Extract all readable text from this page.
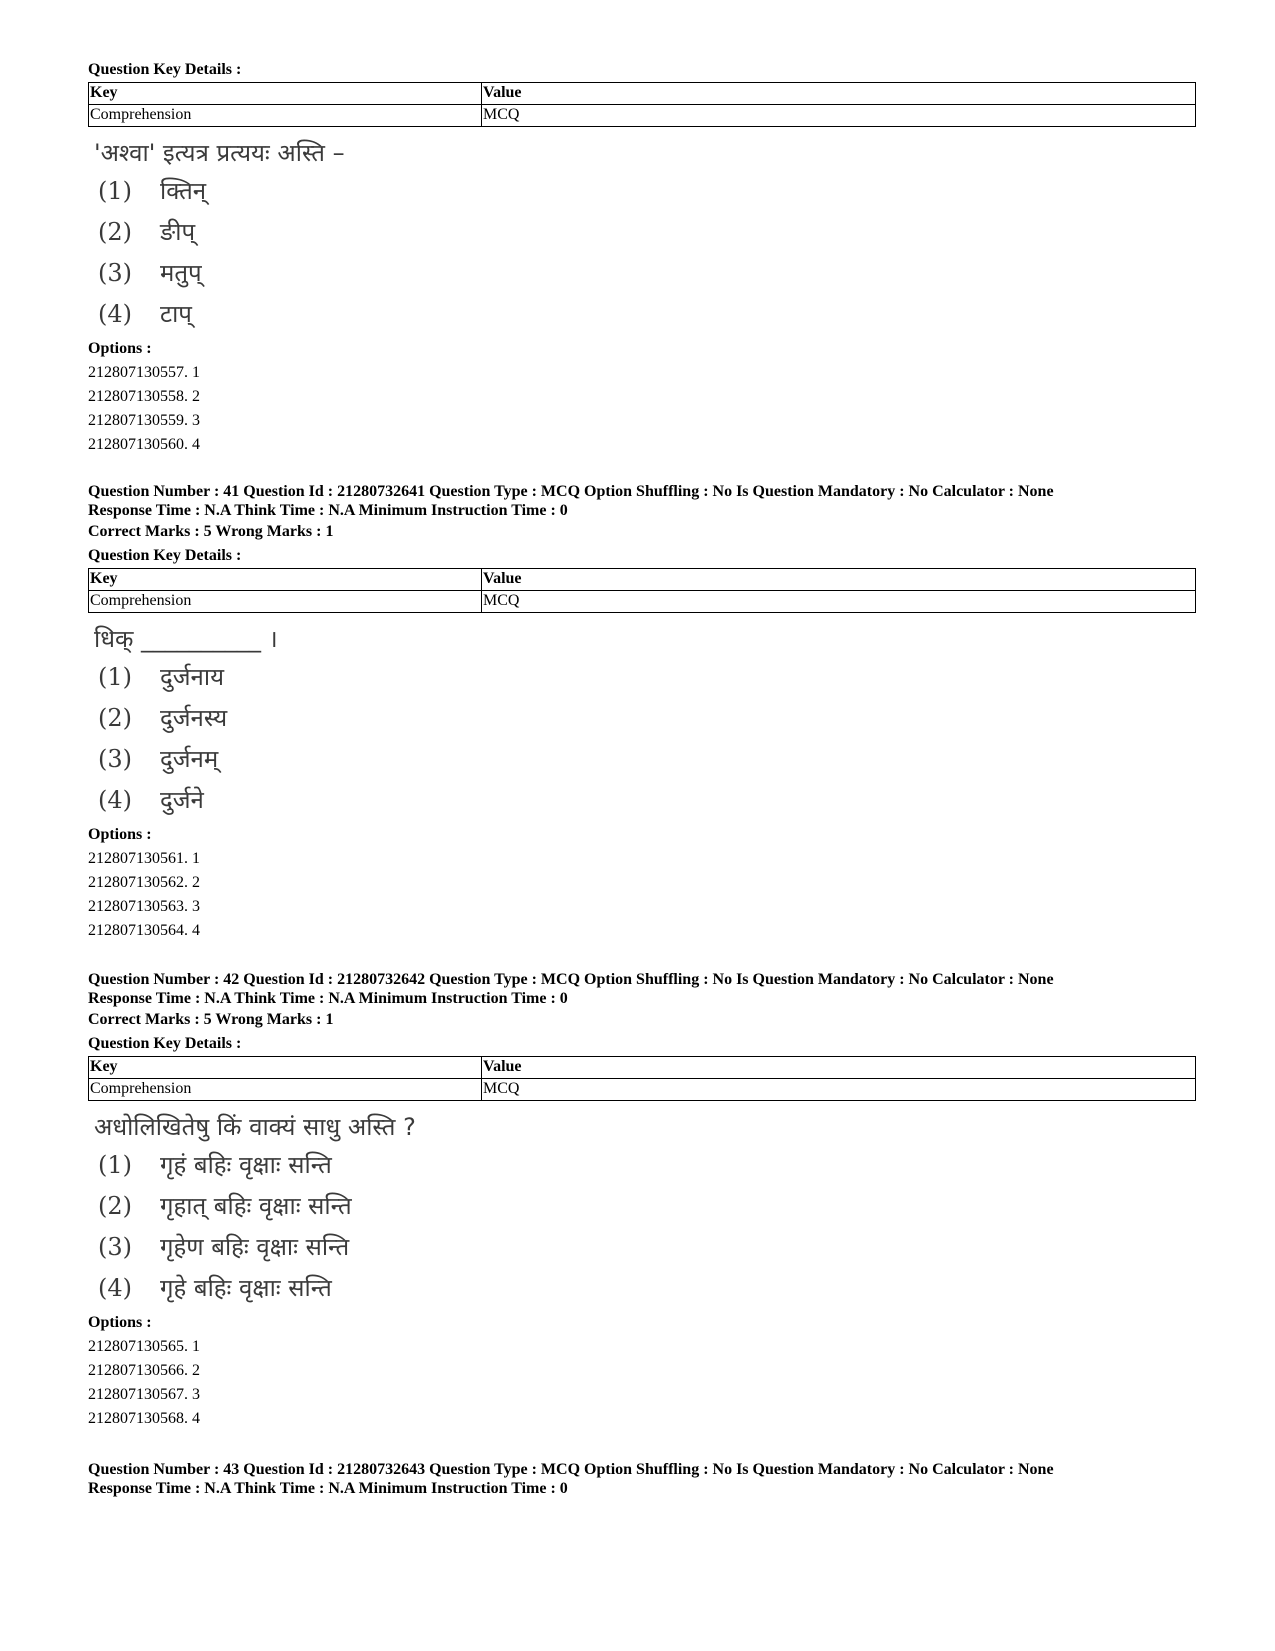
Question Key Details :
Key	Value
Comprehension	MCQ
'अश्वा' इत्यत्र प्रत्ययः अस्ति –
(1)	क्तिन्
(2)	ङीप्
(3)	मतुप्
(4)	टाप्
Options :
212807130557. 1
212807130558. 2
212807130559. 3
212807130560. 4
Question Number : 41 Question Id : 21280732641 Question Type : MCQ Option Shuffling : No Is Question Mandatory : No Calculator : None
Response Time : N.A Think Time : N.A Minimum Instruction Time : 0
Correct Marks : 5 Wrong Marks : 1
Question Key Details :
Key	Value
Comprehension	MCQ
धिक् __________ ।
(1)	दुर्जनाय
(2)	दुर्जनस्य
(3)	दुर्जनम्
(4)	दुर्जने
Options :
212807130561. 1
212807130562. 2
212807130563. 3
212807130564. 4
Question Number : 42 Question Id : 21280732642 Question Type : MCQ Option Shuffling : No Is Question Mandatory : No Calculator : None
Response Time : N.A Think Time : N.A Minimum Instruction Time : 0
Correct Marks : 5 Wrong Marks : 1
Question Key Details :
Key	Value
Comprehension	MCQ
अधोलिखितेषु किं वाक्यं साधु अस्ति ?
(1)	गृहं बहिः वृक्षाः सन्ति
(2)	गृहात् बहिः वृक्षाः सन्ति
(3)	गृहेण बहिः वृक्षाः सन्ति
(4)	गृहे बहिः वृक्षाः सन्ति
Options :
212807130565. 1
212807130566. 2
212807130567. 3
212807130568. 4
Question Number : 43 Question Id : 21280732643 Question Type : MCQ Option Shuffling : No Is Question Mandatory : No Calculator : None
Response Time : N.A Think Time : N.A Minimum Instruction Time : 0
